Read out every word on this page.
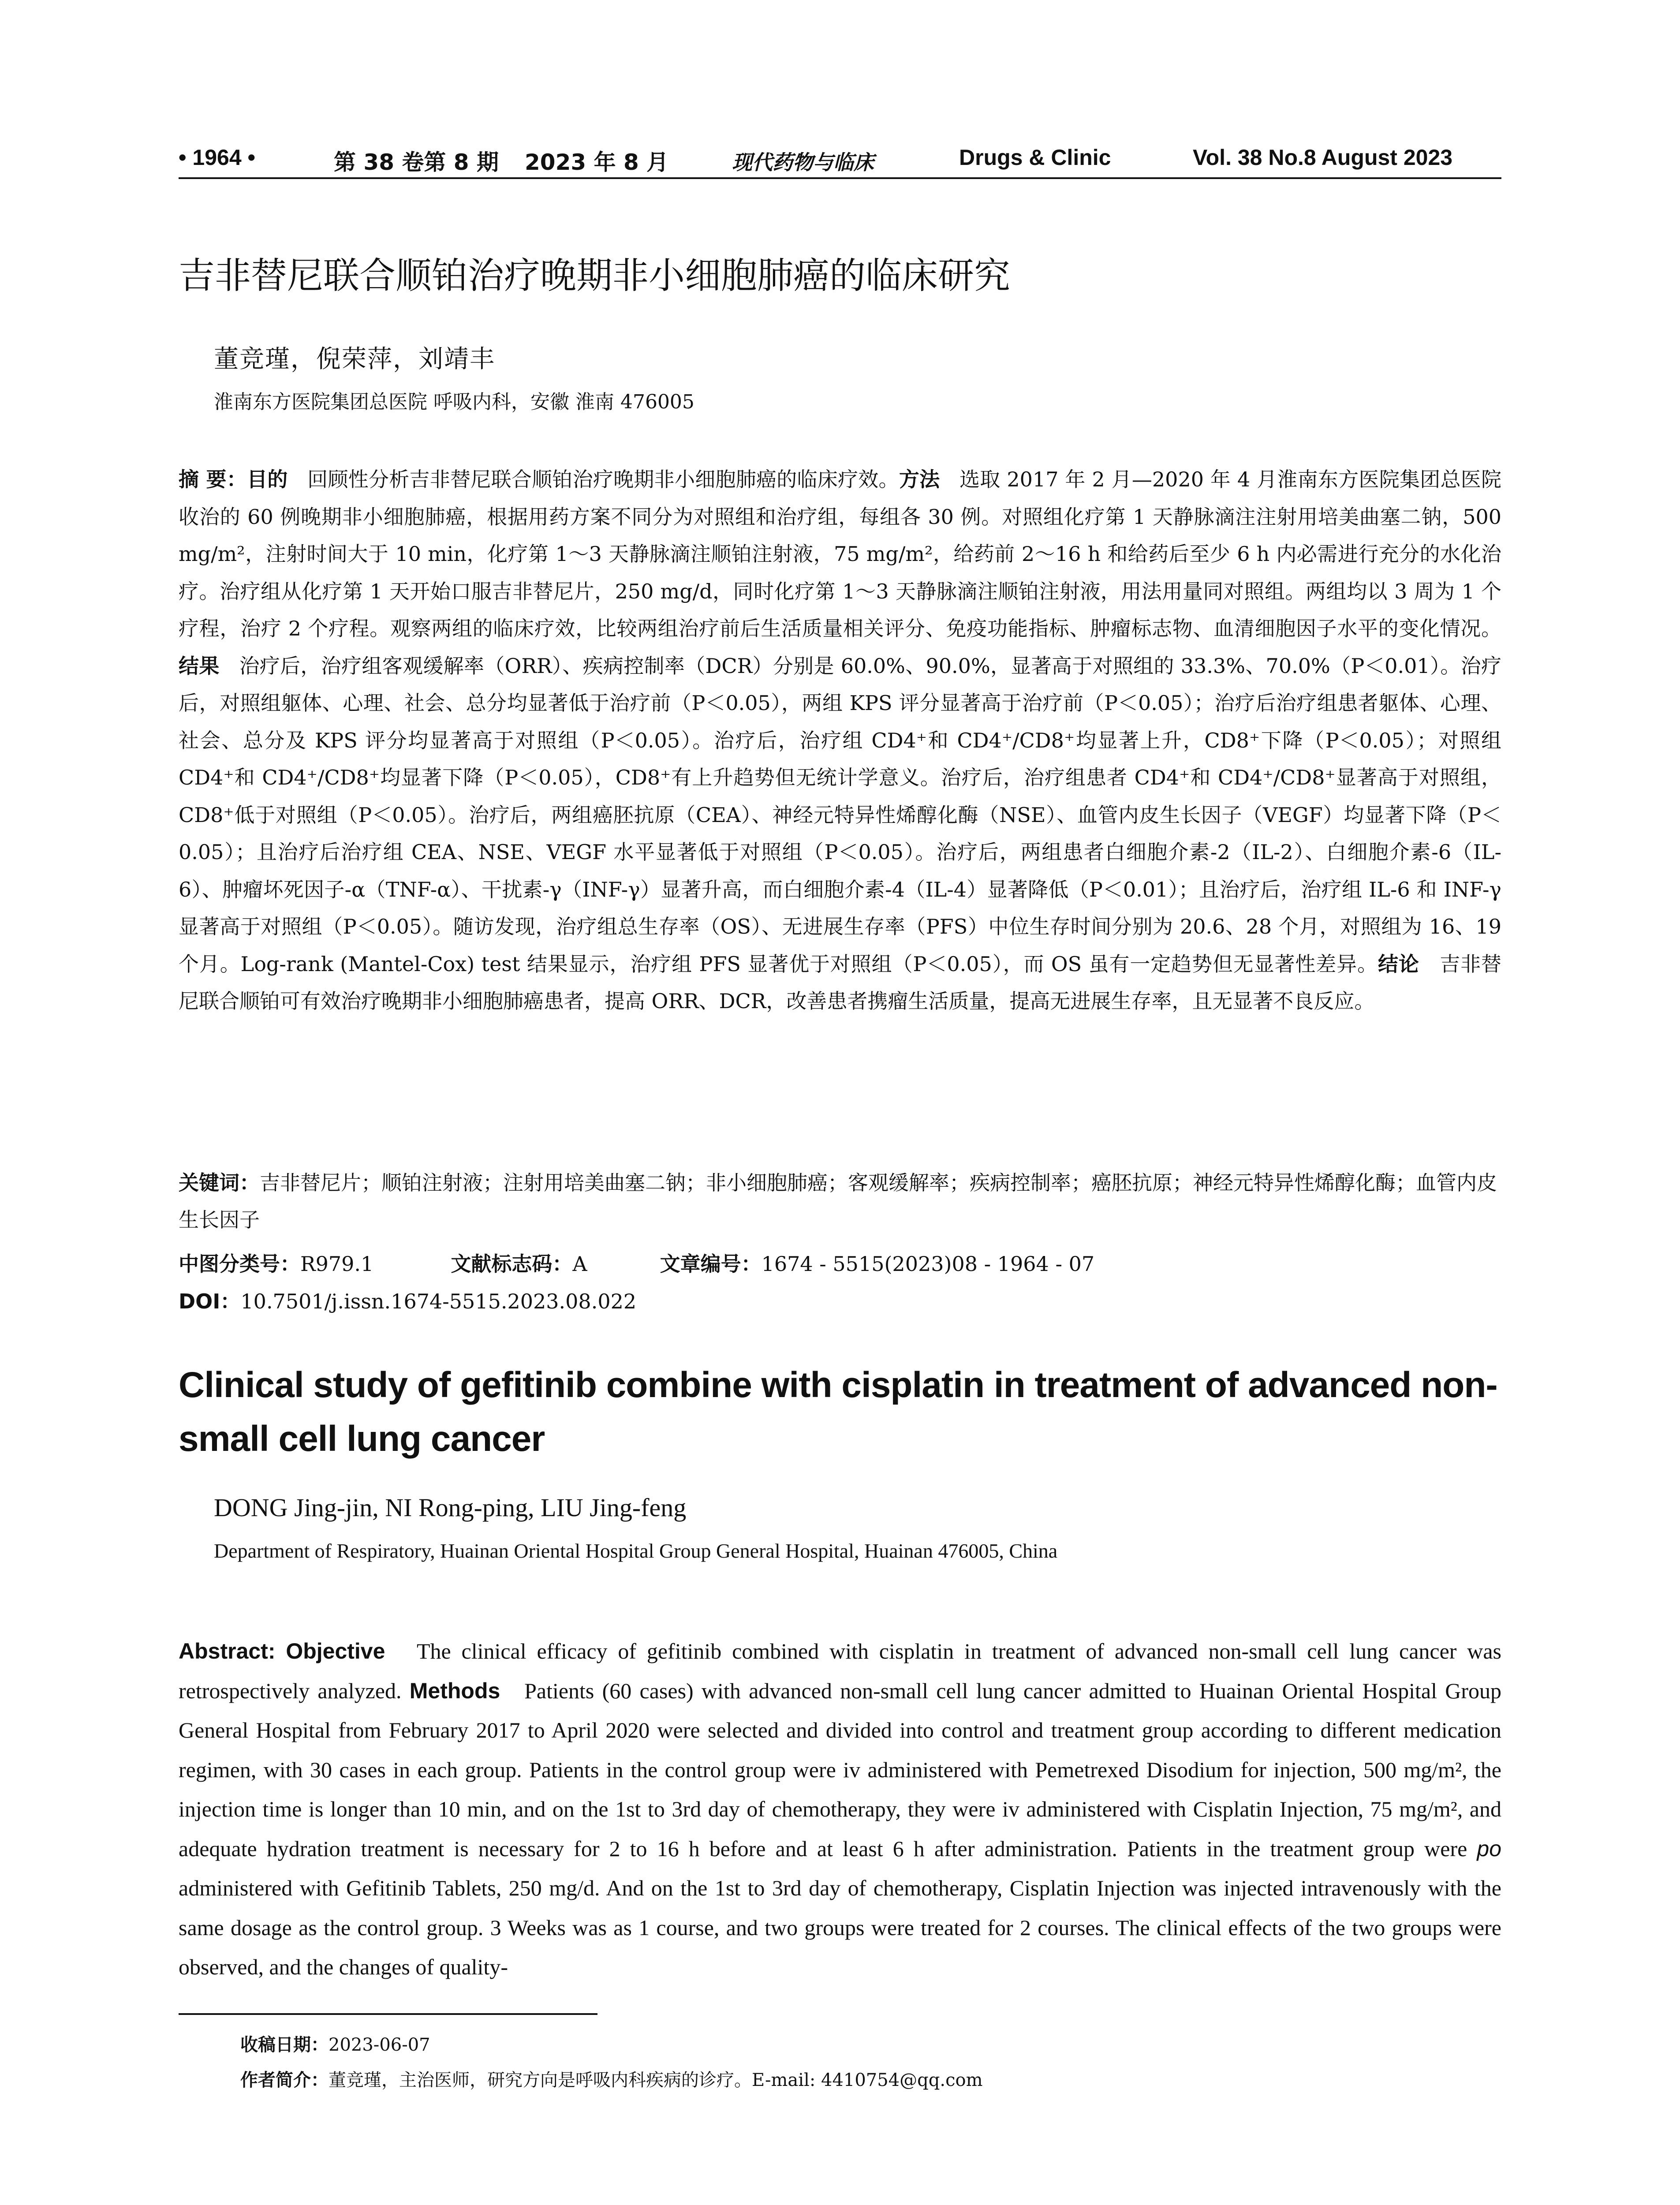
• 1964 •	第 38 卷第 8 期 2023 年 8 月	现代药物与临床	Drugs & Clinic	Vol. 38 No.8 August 2023
吉非替尼联合顺铂治疗晚期非小细胞肺癌的临床研究
董竞瑾，倪荣萍，刘靖丰
淮南东方医院集团总医院 呼吸内科，安徽 淮南 476005
摘 要：目的 回顾性分析吉非替尼联合顺铂治疗晚期非小细胞肺癌的临床疗效。方法 选取 2017 年 2 月—2020 年 4 月淮南东方医院集团总医院收治的 60 例晚期非小细胞肺癌，根据用药方案不同分为对照组和治疗组，每组各 30 例。对照组化疗第 1 天静脉滴注注射用培美曲塞二钠，500 mg/m²，注射时间大于 10 min，化疗第 1～3 天静脉滴注顺铂注射液，75 mg/m²，给药前 2～16 h 和给药后至少 6 h 内必需进行充分的水化治疗。治疗组从化疗第 1 天开始口服吉非替尼片，250 mg/d，同时化疗第 1～3 天静脉滴注顺铂注射液，用法用量同对照组。两组均以 3 周为 1 个疗程，治疗 2 个疗程。观察两组的临床疗效，比较两组治疗前后生活质量相关评分、免疫功能指标、肿瘤标志物、血清细胞因子水平的变化情况。结果 治疗后，治疗组客观缓解率（ORR）、疾病控制率（DCR）分别是 60.0%、90.0%，显著高于对照组的 33.3%、70.0%（P＜0.01）。治疗后，对照组躯体、心理、社会、总分均显著低于治疗前（P＜0.05），两组 KPS 评分显著高于治疗前（P＜0.05）；治疗后治疗组患者躯体、心理、社会、总分及 KPS 评分均显著高于对照组（P＜0.05）。治疗后，治疗组 CD4⁺和 CD4⁺/CD8⁺均显著上升，CD8⁺下降（P＜0.05）；对照组 CD4⁺和 CD4⁺/CD8⁺均显著下降（P＜0.05），CD8⁺有上升趋势但无统计学意义。治疗后，治疗组患者 CD4⁺和 CD4⁺/CD8⁺显著高于对照组，CD8⁺低于对照组（P＜0.05）。治疗后，两组癌胚抗原（CEA）、神经元特异性烯醇化酶（NSE）、血管内皮生长因子（VEGF）均显著下降（P＜0.05）；且治疗后治疗组 CEA、NSE、VEGF 水平显著低于对照组（P＜0.05）。治疗后，两组患者白细胞介素-2（IL-2）、白细胞介素-6（IL-6）、肿瘤坏死因子-α（TNF-α）、干扰素-γ（INF-γ）显著升高，而白细胞介素-4（IL-4）显著降低（P＜0.01）；且治疗后，治疗组 IL-6 和 INF-γ 显著高于对照组（P＜0.05）。随访发现，治疗组总生存率（OS）、无进展生存率（PFS）中位生存时间分别为 20.6、28 个月，对照组为 16、19 个月。Log-rank (Mantel-Cox) test 结果显示，治疗组 PFS 显著优于对照组（P＜0.05），而 OS 虽有一定趋势但无显著性差异。结论 吉非替尼联合顺铂可有效治疗晚期非小细胞肺癌患者，提高 ORR、DCR，改善患者携瘤生活质量，提高无进展生存率，且无显著不良反应。
关键词：吉非替尼片；顺铂注射液；注射用培美曲塞二钠；非小细胞肺癌；客观缓解率；疾病控制率；癌胚抗原；神经元特异性烯醇化酶；血管内皮生长因子
中图分类号：R979.1	文献标志码：A	文章编号：1674 - 5515(2023)08 - 1964 - 07
DOI：10.7501/j.issn.1674-5515.2023.08.022
Clinical study of gefitinib combine with cisplatin in treatment of advanced non-small cell lung cancer
DONG Jing-jin, NI Rong-ping, LIU Jing-feng
Department of Respiratory, Huainan Oriental Hospital Group General Hospital, Huainan 476005, China
Abstract: Objective The clinical efficacy of gefitinib combined with cisplatin in treatment of advanced non-small cell lung cancer was retrospectively analyzed. Methods Patients (60 cases) with advanced non-small cell lung cancer admitted to Huainan Oriental Hospital Group General Hospital from February 2017 to April 2020 were selected and divided into control and treatment group according to different medication regimen, with 30 cases in each group. Patients in the control group were iv administered with Pemetrexed Disodium for injection, 500 mg/m², the injection time is longer than 10 min, and on the 1st to 3rd day of chemotherapy, they were iv administered with Cisplatin Injection, 75 mg/m², and adequate hydration treatment is necessary for 2 to 16 h before and at least 6 h after administration. Patients in the treatment group were po administered with Gefitinib Tablets, 250 mg/d. And on the 1st to 3rd day of chemotherapy, Cisplatin Injection was injected intravenously with the same dosage as the control group. 3 Weeks was as 1 course, and two groups were treated for 2 courses. The clinical effects of the two groups were observed, and the changes of quality-
收稿日期：2023-06-07
作者简介：董竞瑾，主治医师，研究方向是呼吸内科疾病的诊疗。E-mail: 4410754@qq.com
